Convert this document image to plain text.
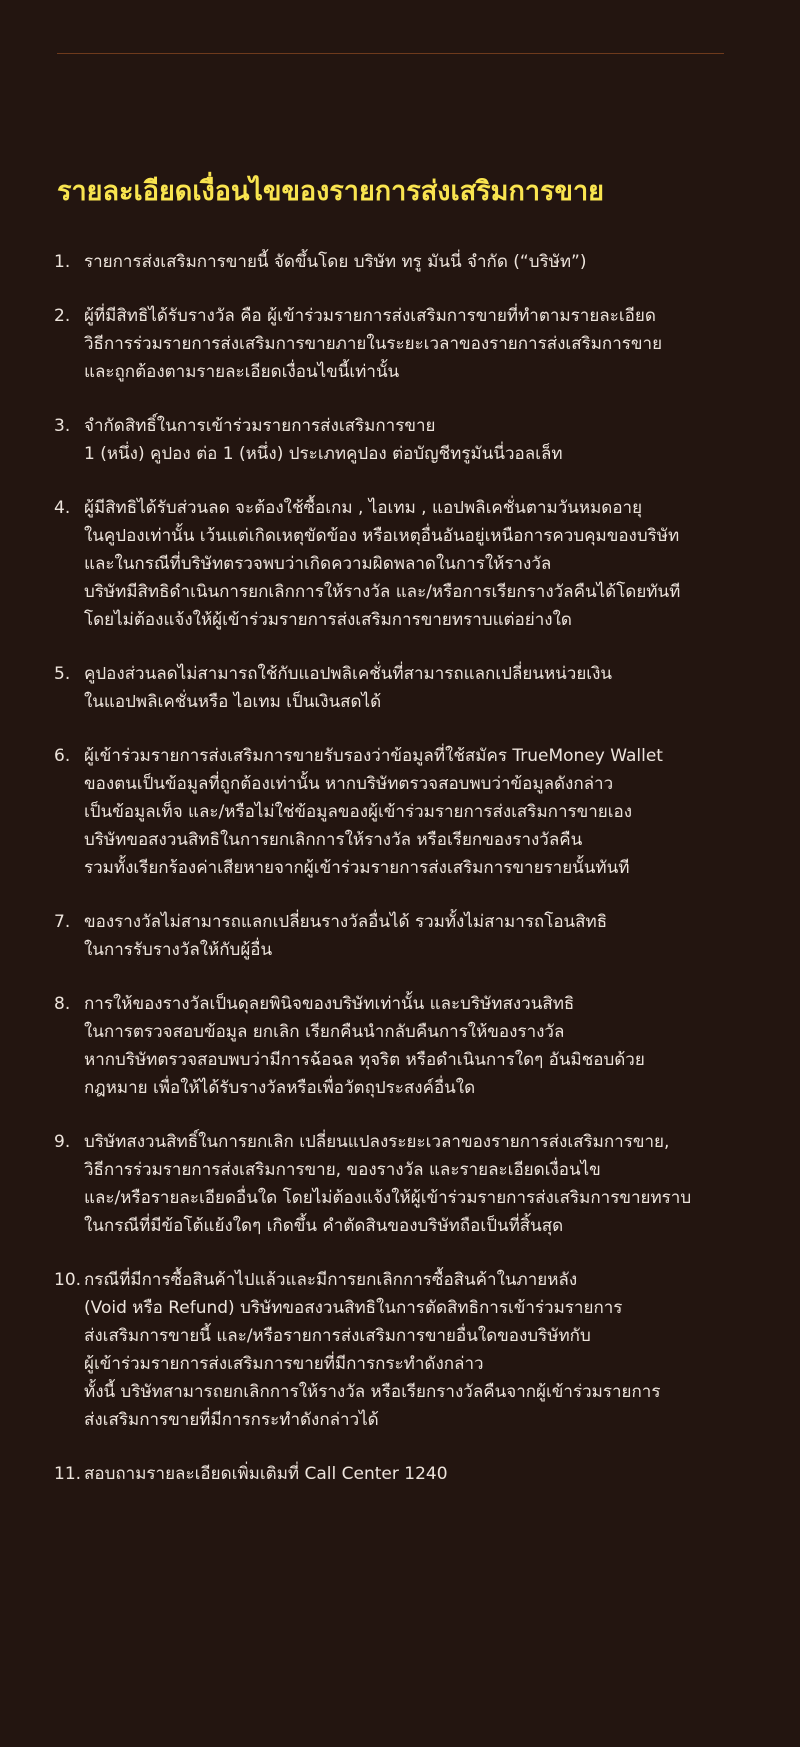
รายละเอียดเงื่อนไขของรายการส่งเสริมการขาย
1. รายการส่งเสริมการขายนี้ จัดขึ้นโดย บริษัท ทรู มันนี่ จำกัด (“บริษัท”)
2. ผู้ที่มีสิทธิได้รับรางวัล คือ ผู้เข้าร่วมรายการส่งเสริมการขายที่ทำตามรายละเอียด
วิธีการร่วมรายการส่งเสริมการขายภายในระยะเวลาของรายการส่งเสริมการขาย
และถูกต้องตามรายละเอียดเงื่อนไขนี้เท่านั้น
3. จำกัดสิทธิ์ในการเข้าร่วมรายการส่งเสริมการขาย
1 (หนึ่ง) คูปอง ต่อ 1 (หนึ่ง) ประเภทคูปอง ต่อบัญชีทรูมันนี่วอลเล็ท
4. ผู้มีสิทธิได้รับส่วนลด จะต้องใช้ซื้อเกม , ไอเทม , แอปพลิเคชั่นตามวันหมดอายุ
ในคูปองเท่านั้น เว้นแต่เกิดเหตุขัดข้อง หรือเหตุอื่นอันอยู่เหนือการควบคุมของบริษัท
และในกรณีที่บริษัทตรวจพบว่าเกิดความผิดพลาดในการให้รางวัล
บริษัทมีสิทธิดำเนินการยกเลิกการให้รางวัล และ/หรือการเรียกรางวัลคืนได้โดยทันที
โดยไม่ต้องแจ้งให้ผู้เข้าร่วมรายการส่งเสริมการขายทราบแต่อย่างใด
5. คูปองส่วนลดไม่สามารถใช้กับแอปพลิเคชั่นที่สามารถแลกเปลี่ยนหน่วยเงิน
ในแอปพลิเคชั่นหรือ ไอเทม เป็นเงินสดได้
6. ผู้เข้าร่วมรายการส่งเสริมการขายรับรองว่าข้อมูลที่ใช้สมัคร TrueMoney Wallet
ของตนเป็นข้อมูลที่ถูกต้องเท่านั้น หากบริษัทตรวจสอบพบว่าข้อมูลดังกล่าว
เป็นข้อมูลเท็จ และ/หรือไม่ใช่ข้อมูลของผู้เข้าร่วมรายการส่งเสริมการขายเอง
บริษัทขอสงวนสิทธิในการยกเลิกการให้รางวัล หรือเรียกของรางวัลคืน
รวมทั้งเรียกร้องค่าเสียหายจากผู้เข้าร่วมรายการส่งเสริมการขายรายนั้นทันที
7. ของรางวัลไม่สามารถแลกเปลี่ยนรางวัลอื่นได้ รวมทั้งไม่สามารถโอนสิทธิ
ในการรับรางวัลให้กับผู้อื่น
8. การให้ของรางวัลเป็นดุลยพินิจของบริษัทเท่านั้น และบริษัทสงวนสิทธิ
ในการตรวจสอบข้อมูล ยกเลิก เรียกคืนนำกลับคืนการให้ของรางวัล
หากบริษัทตรวจสอบพบว่ามีการฉ้อฉล ทุจริต หรือดำเนินการใดๆ อันมิชอบด้วย
กฎหมาย เพื่อให้ได้รับรางวัลหรือเพื่อวัตถุประสงค์อื่นใด
9. บริษัทสงวนสิทธิ์ในการยกเลิก เปลี่ยนแปลงระยะเวลาของรายการส่งเสริมการขาย,
วิธีการร่วมรายการส่งเสริมการขาย, ของรางวัล และรายละเอียดเงื่อนไข
และ/หรือรายละเอียดอื่นใด โดยไม่ต้องแจ้งให้ผู้เข้าร่วมรายการส่งเสริมการขายทราบ
ในกรณีที่มีข้อโต้แย้งใดๆ เกิดขึ้น คำตัดสินของบริษัทถือเป็นที่สิ้นสุด
10. กรณีที่มีการซื้อสินค้าไปแล้วและมีการยกเลิกการซื้อสินค้าในภายหลัง
(Void หรือ Refund) บริษัทขอสงวนสิทธิในการตัดสิทธิการเข้าร่วมรายการ
ส่งเสริมการขายนี้ และ/หรือรายการส่งเสริมการขายอื่นใดของบริษัทกับ
ผู้เข้าร่วมรายการส่งเสริมการขายที่มีการกระทำดังกล่าว
ทั้งนี้ บริษัทสามารถยกเลิกการให้รางวัล หรือเรียกรางวัลคืนจากผู้เข้าร่วมรายการ
ส่งเสริมการขายที่มีการกระทำดังกล่าวได้
11. สอบถามรายละเอียดเพิ่มเติมที่ Call Center 1240
